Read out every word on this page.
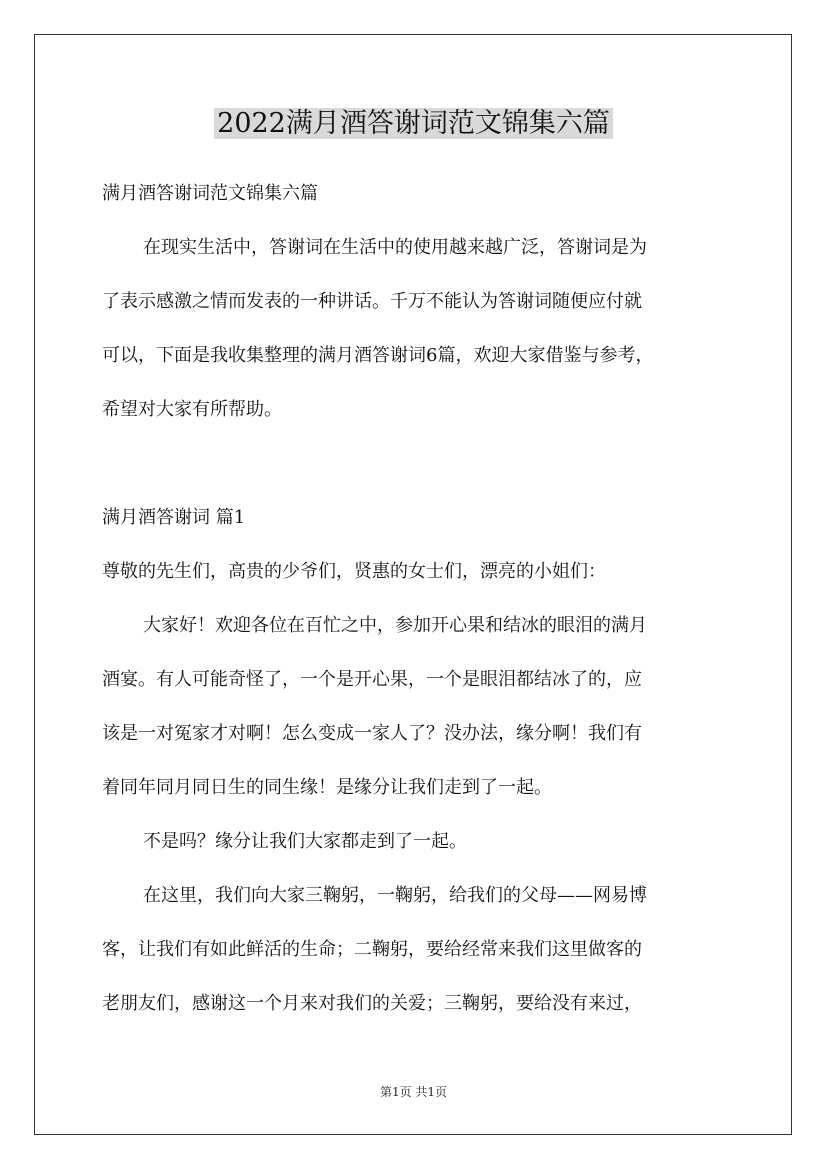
2022满月酒答谢词范文锦集六篇

满月酒答谢词范文锦集六篇

在现实生活中，答谢词在生活中的使用越来越广泛，答谢词是为

了表示感激之情而发表的一种讲话。千万不能认为答谢词随便应付就

可以，下面是我收集整理的满月酒答谢词6篇，欢迎大家借鉴与参考，

希望对大家有所帮助。

满月酒答谢词 篇1

尊敬的先生们，高贵的少爷们，贤惠的女士们，漂亮的小姐们：

大家好！欢迎各位在百忙之中，参加开心果和结冰的眼泪的满月

酒宴。有人可能奇怪了，一个是开心果，一个是眼泪都结冰了的，应

该是一对冤家才对啊！怎么变成一家人了？没办法，缘分啊！我们有

着同年同月同日生的同生缘！是缘分让我们走到了一起。

不是吗？缘分让我们大家都走到了一起。

在这里，我们向大家三鞠躬，一鞠躬，给我们的父母——网易博

客，让我们有如此鲜活的生命；二鞠躬，要给经常来我们这里做客的

老朋友们，感谢这一个月来对我们的关爱；三鞠躬，要给没有来过，

第1页 共1页
